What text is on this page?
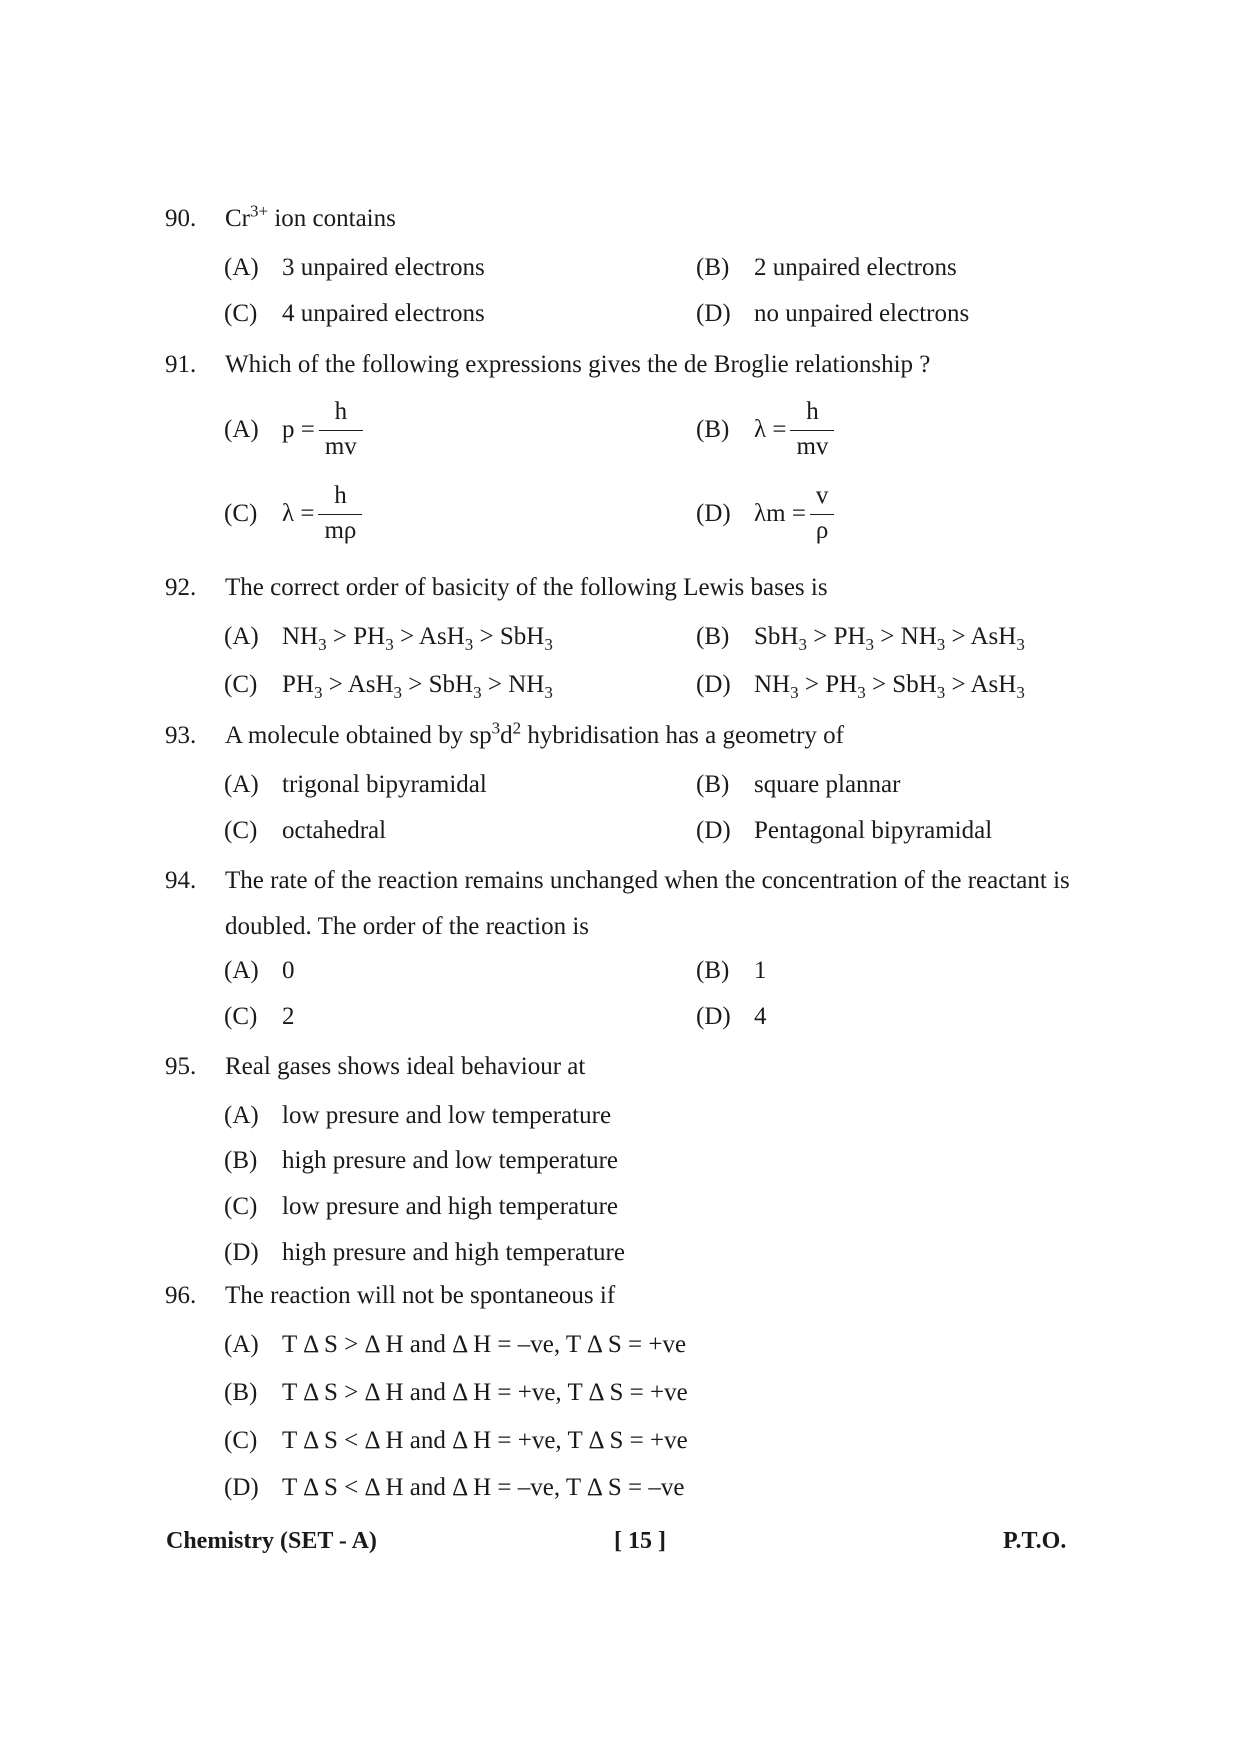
90. $Cr^{3+}$ ion contains
(A) 3 unpaired electrons	(B) 2 unpaired electrons
(C) 4 unpaired electrons	(D) no unpaired electrons
91. Which of the following expressions gives the de Broglie relationship ?
(A) $p = \frac{h}{mv}$	(B) $\lambda = \frac{h}{mv}$
(C) $\lambda = \frac{h}{m\rho}$	(D) $\lambda m = \frac{v}{\rho}$
92. The correct order of basicity of the following Lewis bases is
(A) $NH_3 > PH_3 > AsH_3 > SbH_3$	(B) $SbH_3 > PH_3 > NH_3 > AsH_3$
(C) $PH_3 > AsH_3 > SbH_3 > NH_3$	(D) $NH_3 > PH_3 > SbH_3 > AsH_3$
93. A molecule obtained by $sp^3d^2$ hybridisation has a geometry of
(A) trigonal bipyramidal	(B) square plannar
(C) octahedral	(D) Pentagonal bipyramidal
94. The rate of the reaction remains unchanged when the concentration of the reactant is doubled. The order of the reaction is
(A) 0	(B) 1
(C) 2	(D) 4
95. Real gases shows ideal behaviour at
(A) low presure and low temperature
(B) high presure and low temperature
(C) low presure and high temperature
(D) high presure and high temperature
96. The reaction will not be spontaneous if
(A) T Δ S > Δ H and Δ H = –ve, T Δ S = +ve
(B) T Δ S > Δ H and Δ H = +ve, T Δ S = +ve
(C) T Δ S < Δ H and Δ H = +ve, T Δ S = +ve
(D) T Δ S < Δ H and Δ H = –ve, T Δ S = –ve
Chemistry (SET - A)	[ 15 ]	P.T.O.
